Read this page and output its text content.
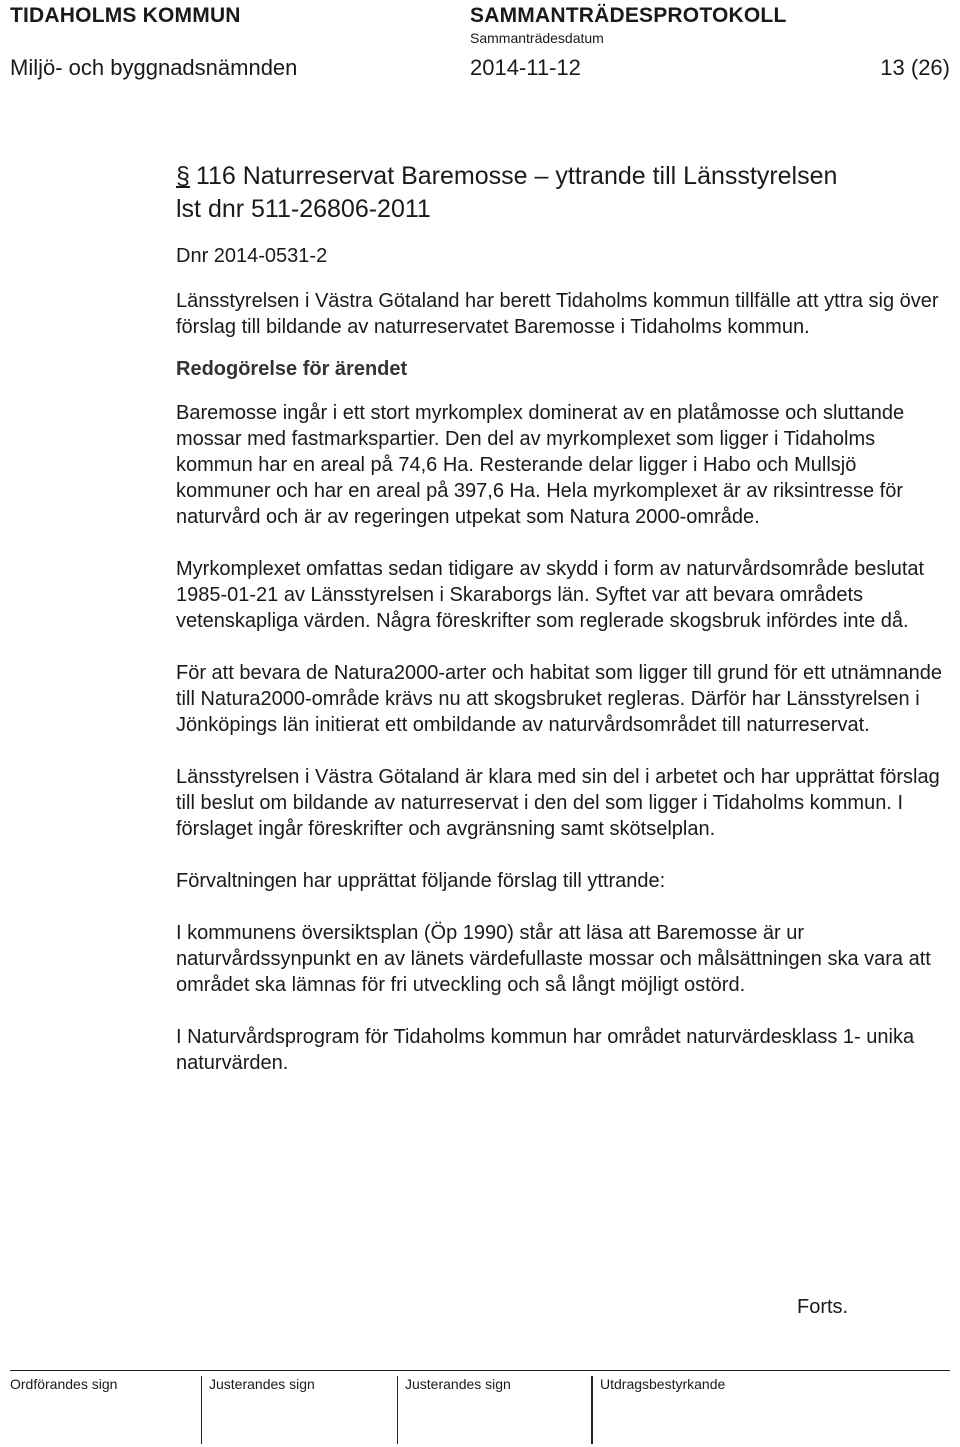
TIDAHOLMS KOMMUN	SAMMANTRÄDESPROTOKOLL
Sammanträdesdatum
Miljö- och byggnadsnämnden	2014-11-12	13 (26)
§ 116 Naturreservat Baremosse – yttrande till Länsstyrelsen
lst dnr 511-26806-2011
Dnr 2014-0531-2

Länsstyrelsen i Västra Götaland har berett Tidaholms kommun tillfälle att yttra sig över förslag till bildande av naturreservatet Baremosse i Tidaholms kommun.

Redogörelse för ärendet

Baremosse ingår i ett stort myrkomplex dominerat av en platåmosse och sluttande mossar med fastmarkspartier. Den del av myrkomplexet som ligger i Tidaholms kommun har en areal på 74,6 Ha. Resterande delar ligger i Habo och Mullsjö kommuner och har en areal på 397,6 Ha. Hela myrkomplexet är av riksintresse för naturvård och är av regeringen utpekat som Natura 2000-område.

Myrkomplexet omfattas sedan tidigare av skydd i form av naturvårdsområde beslutat 1985-01-21 av Länsstyrelsen i Skaraborgs län. Syftet var att bevara områdets vetenskapliga värden. Några föreskrifter som reglerade skogsbruk infördes inte då.

För att bevara de Natura2000-arter och habitat som ligger till grund för ett utnämnande till Natura2000-område krävs nu att skogsbruket regleras. Därför har Länsstyrelsen i Jönköpings län initierat ett ombildande av naturvårdsområdet till naturreservat.

Länsstyrelsen i Västra Götaland är klara med sin del i arbetet och har upprättat förslag till beslut om bildande av naturreservat i den del som ligger i Tidaholms kommun. I förslaget ingår föreskrifter och avgränsning samt skötselplan.

Förvaltningen har upprättat följande förslag till yttrande:

I kommunens översiktsplan (Öp 1990) står att läsa att Baremosse är ur naturvårdssynpunkt en av länets värdefullaste mossar och målsättningen ska vara att området ska lämnas för fri utveckling och så långt möjligt ostörd.

I Naturvårdsprogram för Tidaholms kommun har området naturvärdesklass 1- unika naturvärden.

Forts.
Ordförandes sign	Justerandes sign	Justerandes sign	Utdragsbestyrkande
